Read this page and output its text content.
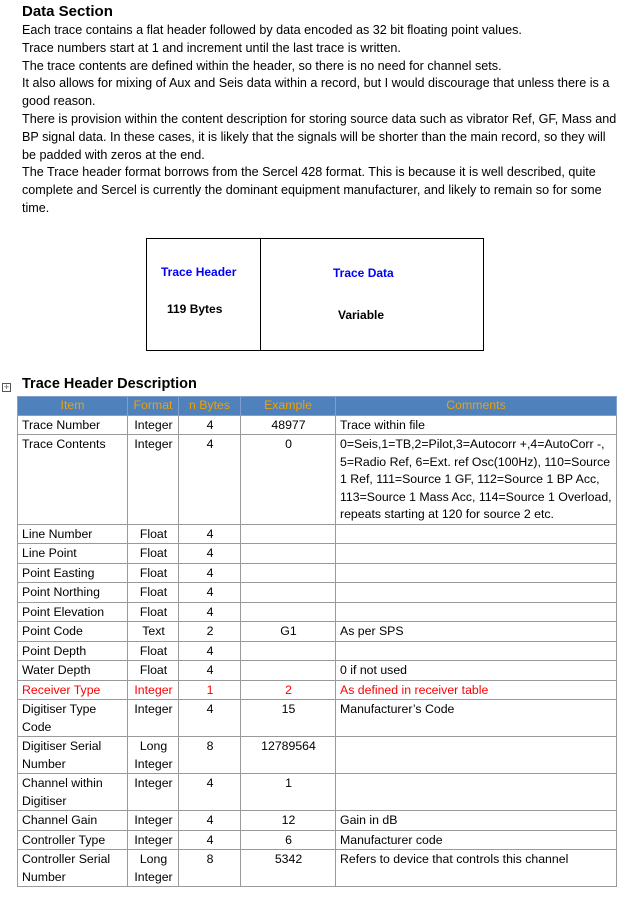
Data Section

Each trace contains a flat header followed by data encoded as 32 bit floating point values.

Trace numbers start at 1 and increment until the last trace is written.

The trace contents are defined within the header, so there is no need for channel sets.

It also allows for mixing of Aux and Seis data within a record, but I would discourage that unless there is a good reason.

There is provision within the content description for storing source data such as vibrator Ref, GF, Mass and BP signal data. In these cases, it is likely that the signals will be shorter than the main record, so they will be padded with zeros at the end.

The Trace header format borrows from the Sercel 428 format. This is because it is well described, quite complete and Sercel is currently the dominant equipment manufacturer, and likely to remain so for some time.

Trace Header
119 Bytes
Trace Data
Variable
+ Trace Header Description
Item	Format	n Bytes	Example	Comments
Trace Number	Integer	4	48977	Trace within file
Trace Contents	Integer	4	0	0=Seis,1=TB,2=Pilot,3=Autocorr +,4=AutoCorr -, 5=Radio Ref, 6=Ext. ref Osc(100Hz), 110=Source 1 Ref, 111=Source 1 GF, 112=Source 1 BP Acc, 113=Source 1 Mass Acc, 114=Source 1 Overload, repeats starting at 120 for source 2 etc.
Line Number	Float	4		
Line Point	Float	4		
Point Easting	Float	4		
Point Northing	Float	4		
Point Elevation	Float	4		
Point Code	Text	2	G1	As per SPS
Point Depth	Float	4		
Water Depth	Float	4		0 if not used
Receiver Type	Integer	1	2	As defined in receiver table
Digitiser Type Code	Integer	4	15	Manufacturer’s Code
Digitiser Serial Number	Long Integer	8	12789564	
Channel within Digitiser	Integer	4	1	
Channel Gain	Integer	4	12	Gain in dB
Controller Type	Integer	4	6	Manufacturer code
Controller Serial Number	Long Integer	8	5342	Refers to device that controls this channel
